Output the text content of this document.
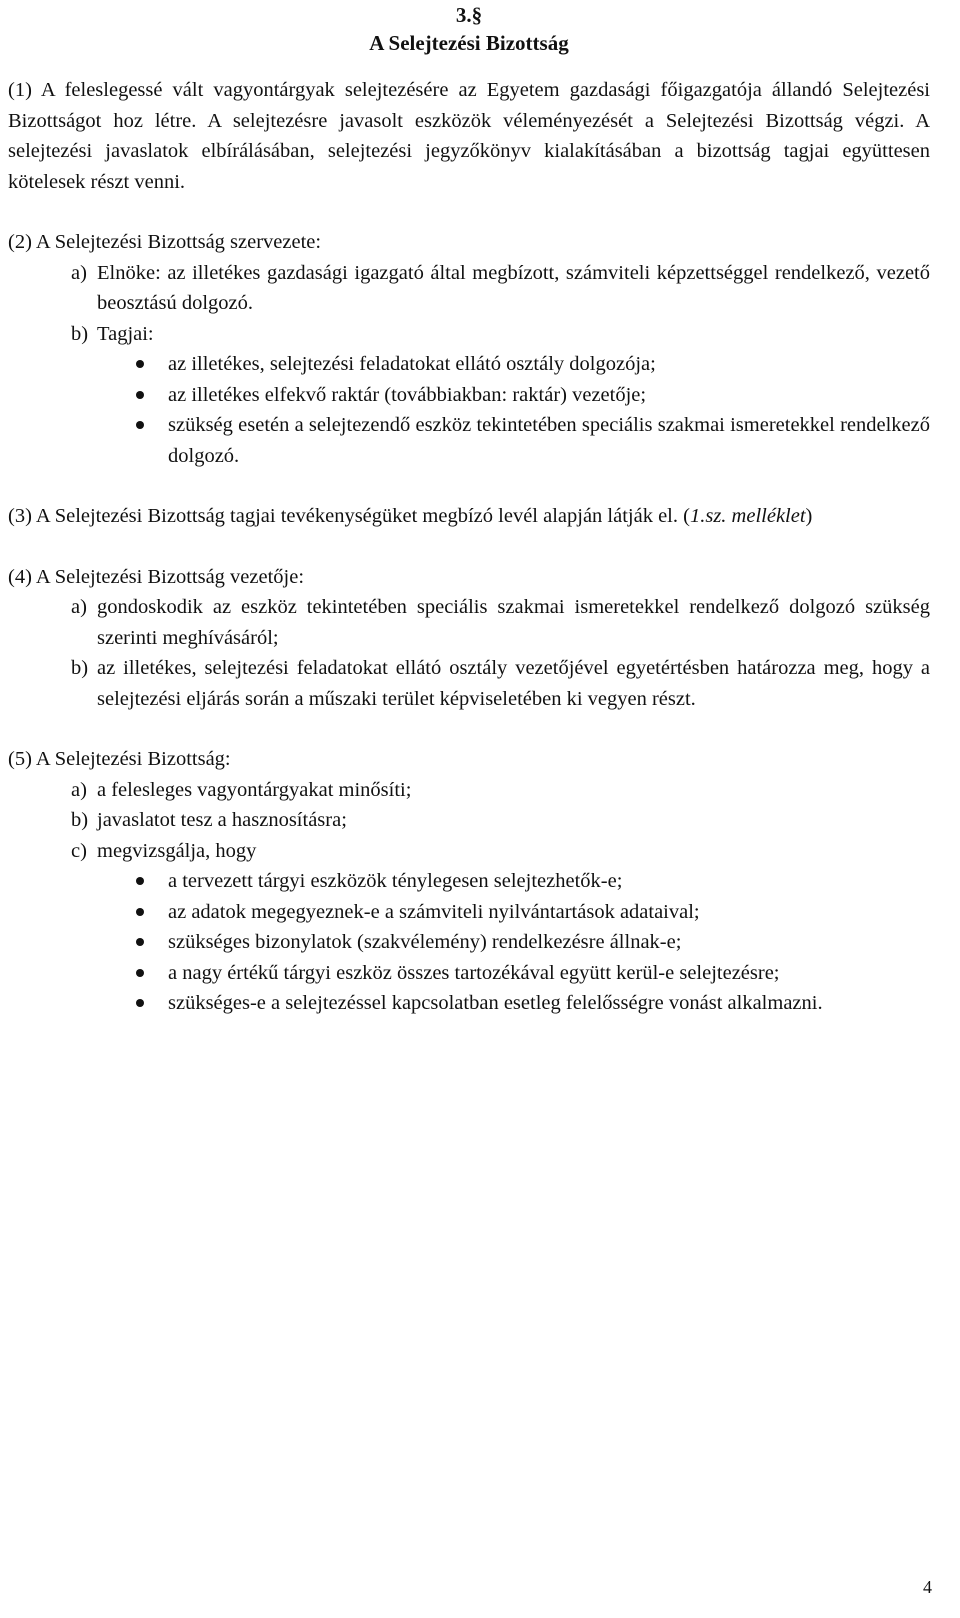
3.§
A Selejtezési Bizottság

(1) A feleslegessé vált vagyontárgyak selejtezésére az Egyetem gazdasági főigazgatója állandó Selejtezési Bizottságot hoz létre. A selejtezésre javasolt eszközök véleményezését a Selejtezési Bizottság végzi. A selejtezési javaslatok elbírálásában, selejtezési jegyzőkönyv kialakításában a bizottság tagjai együttesen kötelesek részt venni.

(2) A Selejtezési Bizottság szervezete:

a) Elnöke: az illetékes gazdasági igazgató által megbízott, számviteli képzettséggel rendelkező, vezető beosztású dolgozó.
b) Tagjai:
az illetékes, selejtezési feladatokat ellátó osztály dolgozója;
az illetékes elfekvő raktár (továbbiakban: raktár) vezetője;
szükség esetén a selejtezendő eszköz tekintetében speciális szakmai ismeretekkel rendelkező dolgozó.

(3) A Selejtezési Bizottság tagjai tevékenységüket megbízó levél alapján látják el. (1.sz. melléklet)

(4) A Selejtezési Bizottság vezetője:

a) gondoskodik az eszköz tekintetében speciális szakmai ismeretekkel rendelkező dolgozó szükség szerinti meghívásáról;
b) az illetékes, selejtezési feladatokat ellátó osztály vezetőjével egyetértésben határozza meg, hogy a selejtezési eljárás során a műszaki terület képviseletében ki vegyen részt.

(5) A Selejtezési Bizottság:

a) a felesleges vagyontárgyakat minősíti;
b) javaslatot tesz a hasznosításra;
c) megvizsgálja, hogy
a tervezett tárgyi eszközök ténylegesen selejtezhetők-e;
az adatok megegyeznek-e a számviteli nyilvántartások adataival;
szükséges bizonylatok (szakvélemény) rendelkezésre állnak-e;
a nagy értékű tárgyi eszköz összes tartozékával együtt kerül-e selejtezésre;
szükséges-e a selejtezéssel kapcsolatban esetleg felelősségre vonást alkalmazni.
4
